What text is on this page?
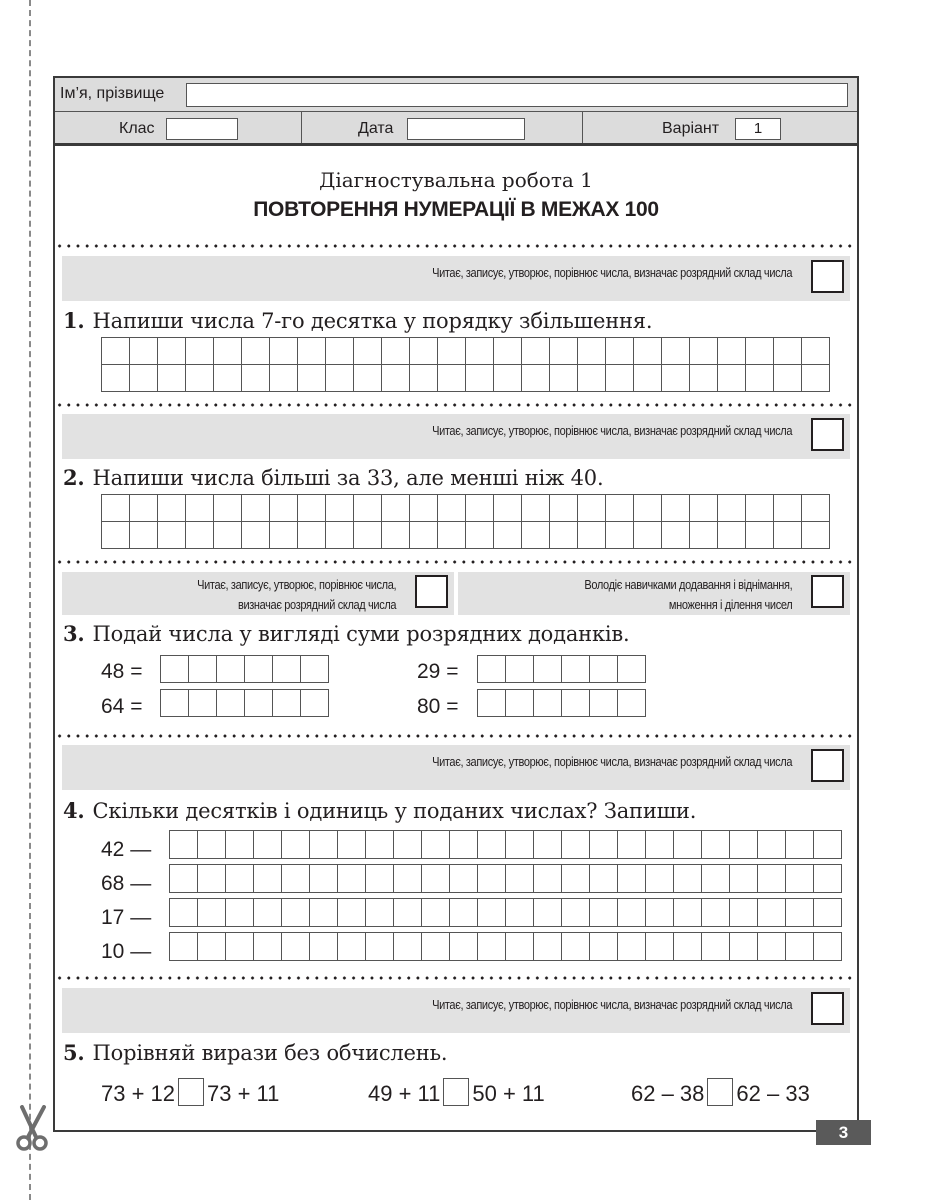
Ім’я, прізвище
Клас	Дата	Варіант	1
Діагностувальна робота 1
ПОВТОРЕННЯ НУМЕРАЦІЇ В МЕЖАХ 100
Читає, записує, утворює, порівнює числа, визначає розрядний склад числа
1. Напиши числа 7-го десятка у порядку збільшення.
Читає, записує, утворює, порівнює числа, визначає розрядний склад числа
2. Напиши числа більші за 33, але менші ніж 40.
Читає, записує, утворює, порівнює числа,
визначає розрядний склад числа
Володіє навичками додавання і віднімання,
множення і ділення чисел
3. Подай числа у вигляді суми розрядних доданків.
48 =	29 =
64 =	80 =
Читає, записує, утворює, порівнює числа, визначає розрядний склад числа
4. Скільки десятків і одиниць у поданих числах? Запиши.
42 —
68 —
17 —
10 —
Читає, записує, утворює, порівнює числа, визначає розрядний склад числа
5. Порівняй вирази без обчислень.
73 + 12 73 + 11	49 + 11 50 + 11	62 – 38 62 – 33
3
